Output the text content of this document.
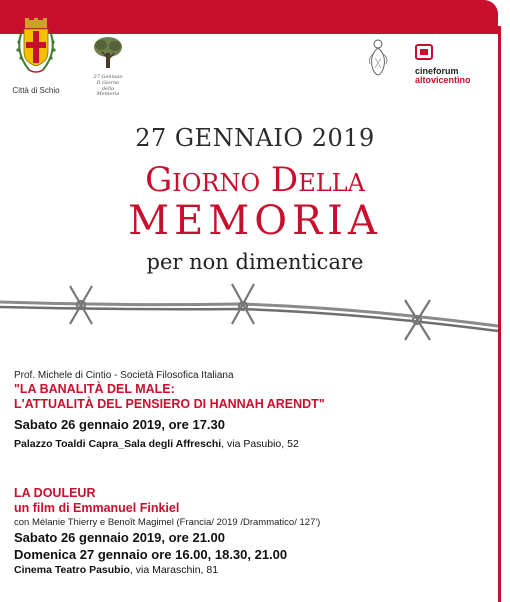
Città di Schio
27 Gennaio
Il Giorno
della
Memoria
cineforum
altovicentino
27 GENNAIO 2019
Giorno Della
MEMORIA
per non dimenticare
Prof. Michele di Cintio - Società Filosofica Italiana
"LA BANALITÀ DEL MALE:
L'ATTUALITÀ DEL PENSIERO DI HANNAH ARENDT"
Sabato 26 gennaio 2019, ore 17.30
Palazzo Toaldi Capra_Sala degli Affreschi, via Pasubio, 52
LA DOULEUR
un film di Emmanuel Finkiel
con Mélanie Thierry e Benoît Magimel (Francia/ 2019 /Drammatico/ 127')
Sabato 26 gennaio 2019, ore 21.00
Domenica 27 gennaio ore 16.00, 18.30, 21.00
Cinema Teatro Pasubio, via Maraschin, 81
